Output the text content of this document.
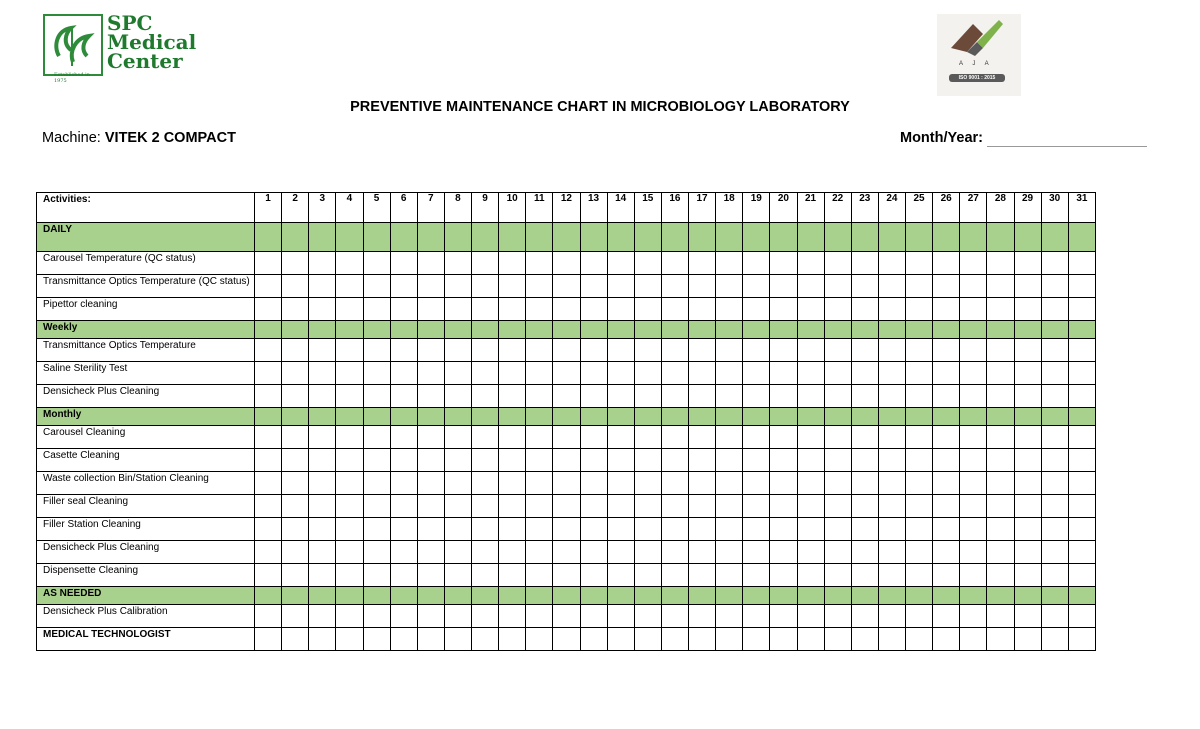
Established in 1975
SPC
Medical
Center	A J A
ISO 9001 : 2015
PREVENTIVE MAINTENANCE CHART IN MICROBIOLOGY LABORATORY
Machine: VITEK 2 COMPACT	Month/Year:
Activities:	1	2	3	4	5	6	7	8	9	10	11	12	13	14	15	16	17	18	19	20	21	22	23	24	25	26	27	28	29	30	31
DAILY																															
Carousel Temperature (QC status)																															
Transmittance Optics Temperature (QC status)																															
Pipettor cleaning																															
Weekly																															
Transmittance Optics Temperature																															
Saline Sterility Test																															
Densicheck Plus Cleaning																															
Monthly																															
Carousel Cleaning																															
Casette Cleaning																															
Waste collection Bin/Station Cleaning																															
Filler seal Cleaning																															
Filler Station Cleaning																															
Densicheck Plus Cleaning																															
Dispensette Cleaning																															
AS NEEDED																															
Densicheck Plus Calibration																															
MEDICAL TECHNOLOGIST																															
